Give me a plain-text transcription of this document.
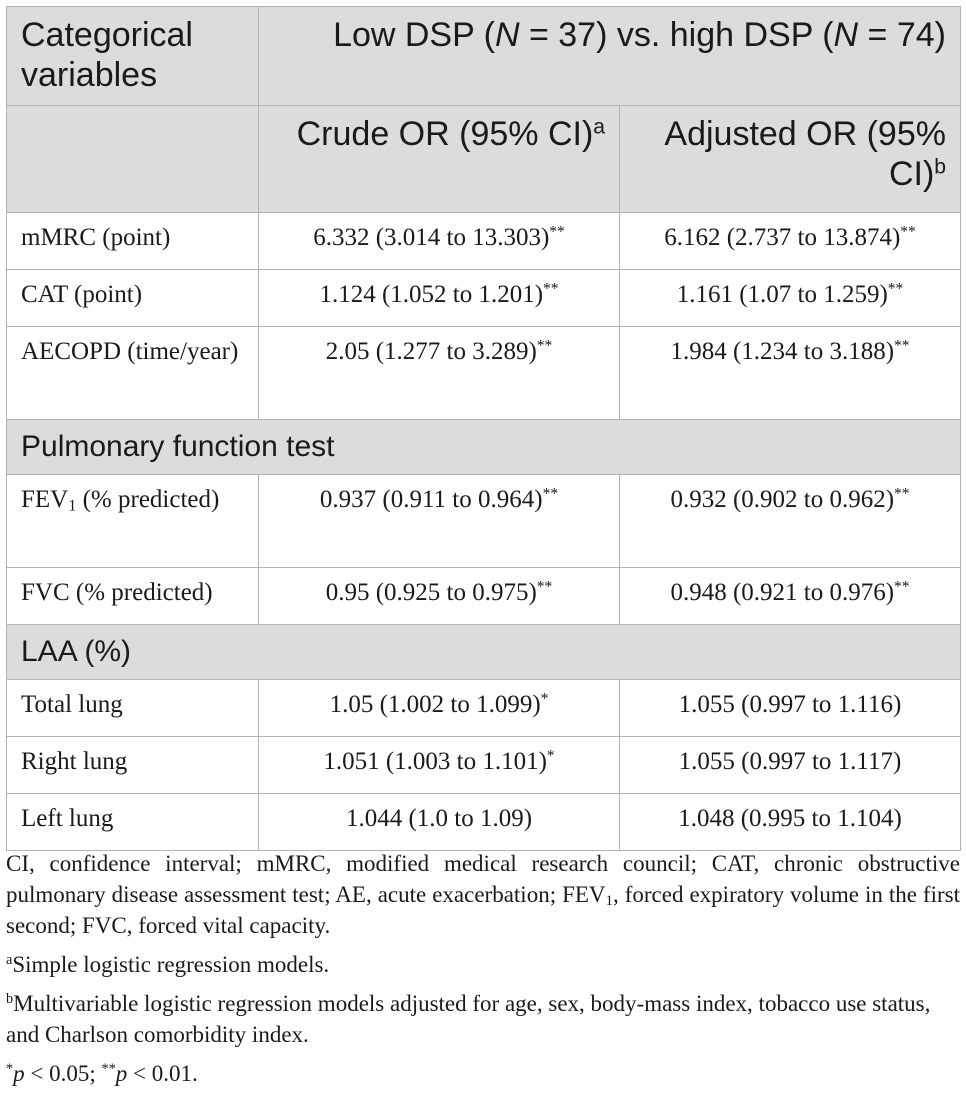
Categorical variables	Low DSP (N = 37) vs. high DSP (N = 74)	
	Crude OR (95% CI)$^a$	Adjusted OR (95% CI)$^b$
mMRC (point)	6.332 (3.014 to 13.303)**	6.162 (2.737 to 13.874)**
CAT (point)	1.124 (1.052 to 1.201)**	1.161 (1.07 to 1.259)**
AECOPD (time/year)	2.05 (1.277 to 3.289)**	1.984 (1.234 to 3.188)**
Pulmonary function test		
$FEV_1$ (% predicted)	0.937 (0.911 to 0.964)**	0.932 (0.902 to 0.962)**
FVC (% predicted)	0.95 (0.925 to 0.975)**	0.948 (0.921 to 0.976)**
LAA (%)		
Total lung	1.05 (1.002 to 1.099)*	1.055 (0.997 to 1.116)
Right lung	1.051 (1.003 to 1.101)*	1.055 (0.997 to 1.117)
Left lung	1.044 (1.0 to 1.09)	1.048 (0.995 to 1.104)

CI, confidence interval; mMRC, modified medical research council; CAT, chronic obstructive pulmonary disease assessment test; AE, acute exacerbation; $FEV_1$, forced expiratory volume in the first second; FVC, forced vital capacity.

$^a$Simple logistic regression models.

$^b$Multivariable logistic regression models adjusted for age, sex, body-mass index, tobacco use status, and Charlson comorbidity index.

*p < 0.05; **p < 0.01.
